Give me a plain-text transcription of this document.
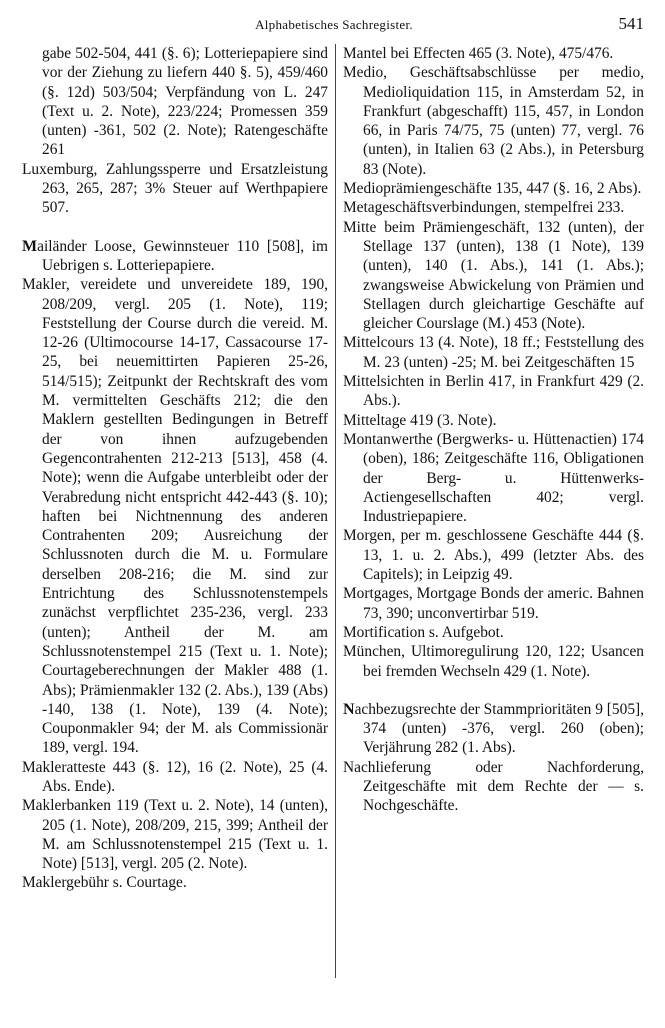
Alphabetisches Sachregister.	541

gabe 502-504, 441 (§. 6); Lotteriepapiere sind vor der Ziehung zu liefern 440 §. 5), 459/460 (§. 12d) 503/504; Verpfändung von L. 247 (Text u. 2. Note), 223/224; Promessen 359 (unten) -361, 502 (2. Note); Ratengeschäfte 261

Luxemburg, Zahlungssperre und Ersatzleistung 263, 265, 287; 3% Steuer auf Werthpapiere 507.

Mailänder Loose, Gewinnsteuer 110 [508], im Uebrigen s. Lotteriepapiere.

Makler, vereidete und unvereidete 189, 190, 208/209, vergl. 205 (1. Note), 119; Feststellung der Course durch die vereid. M. 12-26 (Ultimocourse 14-17, Cassacourse 17-25, bei neuemittirten Papieren 25-26, 514/515); Zeitpunkt der Rechtskraft des vom M. vermittelten Geschäfts 212; die den Maklern gestellten Bedingungen in Betreff der von ihnen aufzugebenden Gegencontrahenten 212-213 [513], 458 (4. Note); wenn die Aufgabe unterbleibt oder der Verabredung nicht entspricht 442-443 (§. 10); haften bei Nichtnennung des anderen Contrahenten 209; Ausreichung der Schlussnoten durch die M. u. Formulare derselben 208-216; die M. sind zur Entrichtung des Schlussnotenstempels zunächst verpflichtet 235-236, vergl. 233 (unten); Antheil der M. am Schlussnotenstempel 215 (Text u. 1. Note); Courtageberechnungen der Makler 488 (1. Abs); Prämienmakler 132 (2. Abs.), 139 (Abs) -140, 138 (1. Note), 139 (4. Note); Couponmakler 94; der M. als Commissionär 189, vergl. 194.

Makleratteste 443 (§. 12), 16 (2. Note), 25 (4. Abs. Ende).

Maklerbanken 119 (Text u. 2. Note), 14 (unten), 205 (1. Note), 208/209, 215, 399; Antheil der M. am Schlussnotenstempel 215 (Text u. 1. Note) [513], vergl. 205 (2. Note).

Maklergebühr s. Courtage.

Mantel bei Effecten 465 (3. Note), 475/476.

Medio, Geschäftsabschlüsse per medio, Medioliquidation 115, in Amsterdam 52, in Frankfurt (abgeschafft) 115, 457, in London 66, in Paris 74/75, 75 (unten) 77, vergl. 76 (unten), in Italien 63 (2 Abs.), in Petersburg 83 (Note).

Medioprämiengeschäfte 135, 447 (§. 16, 2 Abs).

Metageschäftsverbindungen, stempelfrei 233.

Mitte beim Prämiengeschäft, 132 (unten), der Stellage 137 (unten), 138 (1 Note), 139 (unten), 140 (1. Abs.), 141 (1. Abs.); zwangsweise Abwickelung von Prämien und Stellagen durch gleichartige Geschäfte auf gleicher Courslage (M.) 453 (Note).

Mittelcours 13 (4. Note), 18 ff.; Feststellung des M. 23 (unten) -25; M. bei Zeitgeschäften 15

Mittelsichten in Berlin 417, in Frankfurt 429 (2. Abs.).

Mitteltage 419 (3. Note).

Montanwerthe (Bergwerks- u. Hüttenactien) 174 (oben), 186; Zeitgeschäfte 116, Obligationen der Berg- u. Hüttenwerks-Actiengesellschaften 402; vergl. Industriepapiere.

Morgen, per m. geschlossene Geschäfte 444 (§. 13, 1. u. 2. Abs.), 499 (letzter Abs. des Capitels); in Leipzig 49.

Mortgages, Mortgage Bonds der americ. Bahnen 73, 390; unconvertirbar 519.

Mortification s. Aufgebot.

München, Ultimoregulirung 120, 122; Usancen bei fremden Wechseln 429 (1. Note).

Nachbezugsrechte der Stammprioritäten 9 [505], 374 (unten) -376, vergl. 260 (oben); Verjährung 282 (1. Abs).

Nachlieferung oder Nachforderung, Zeitgeschäfte mit dem Rechte der — s. Nochgeschäfte.
